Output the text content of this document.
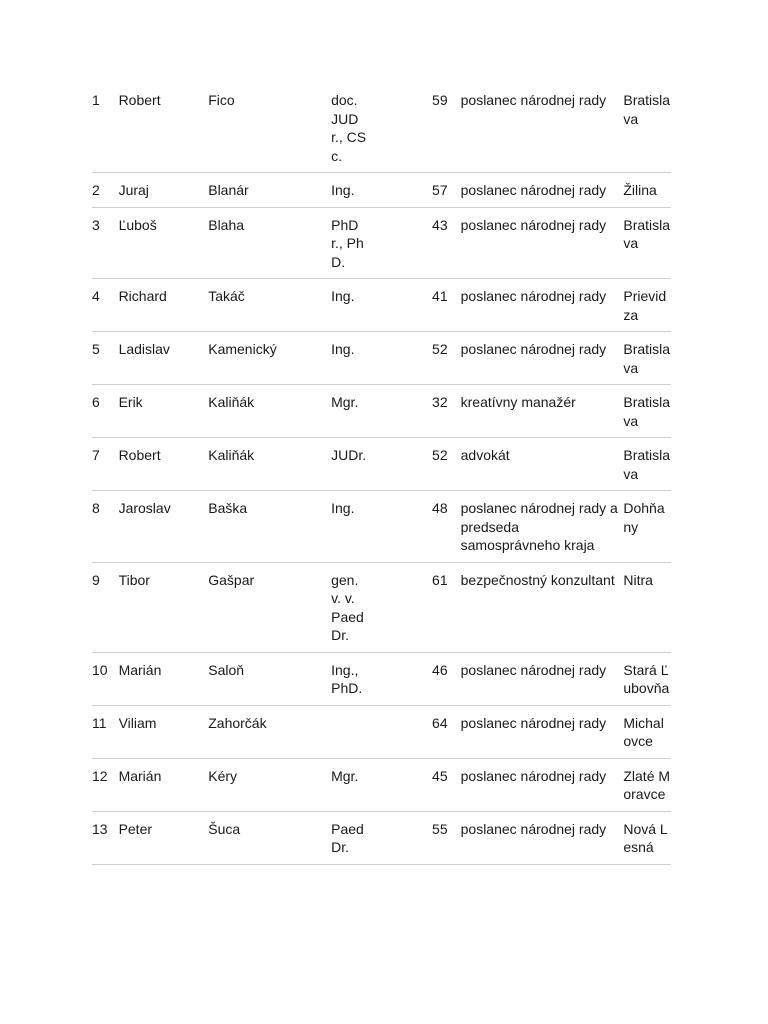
1	Robert	Fico	doc. JUDr., CSc.	59	poslanec národnej rady	Bratislava
2	Juraj	Blanár	Ing.	57	poslanec národnej rady	Žilina
3	Ľuboš	Blaha	PhDr., PhD.	43	poslanec národnej rady	Bratislava
4	Richard	Takáč	Ing.	41	poslanec národnej rady	Prievidza
5	Ladislav	Kamenický	Ing.	52	poslanec národnej rady	Bratislava
6	Erik	Kaliňák	Mgr.	32	kreatívny manažér	Bratislava
7	Robert	Kaliňák	JUDr.	52	advokát	Bratislava
8	Jaroslav	Baška	Ing.	48	poslanec národnej rady a predseda samosprávneho kraja	Dohňany
9	Tibor	Gašpar	gen. v. v. PaedDr.	61	bezpečnostný konzultant	Nitra
10	Marián	Saloň	Ing., PhD.	46	poslanec národnej rady	Stará Ľubovňa
11	Viliam	Zahorčák		64	poslanec národnej rady	Michalovce
12	Marián	Kéry	Mgr.	45	poslanec národnej rady	Zlaté Moravce
13	Peter	Šuca	PaedDr.	55	poslanec národnej rady	Nová Lesná
